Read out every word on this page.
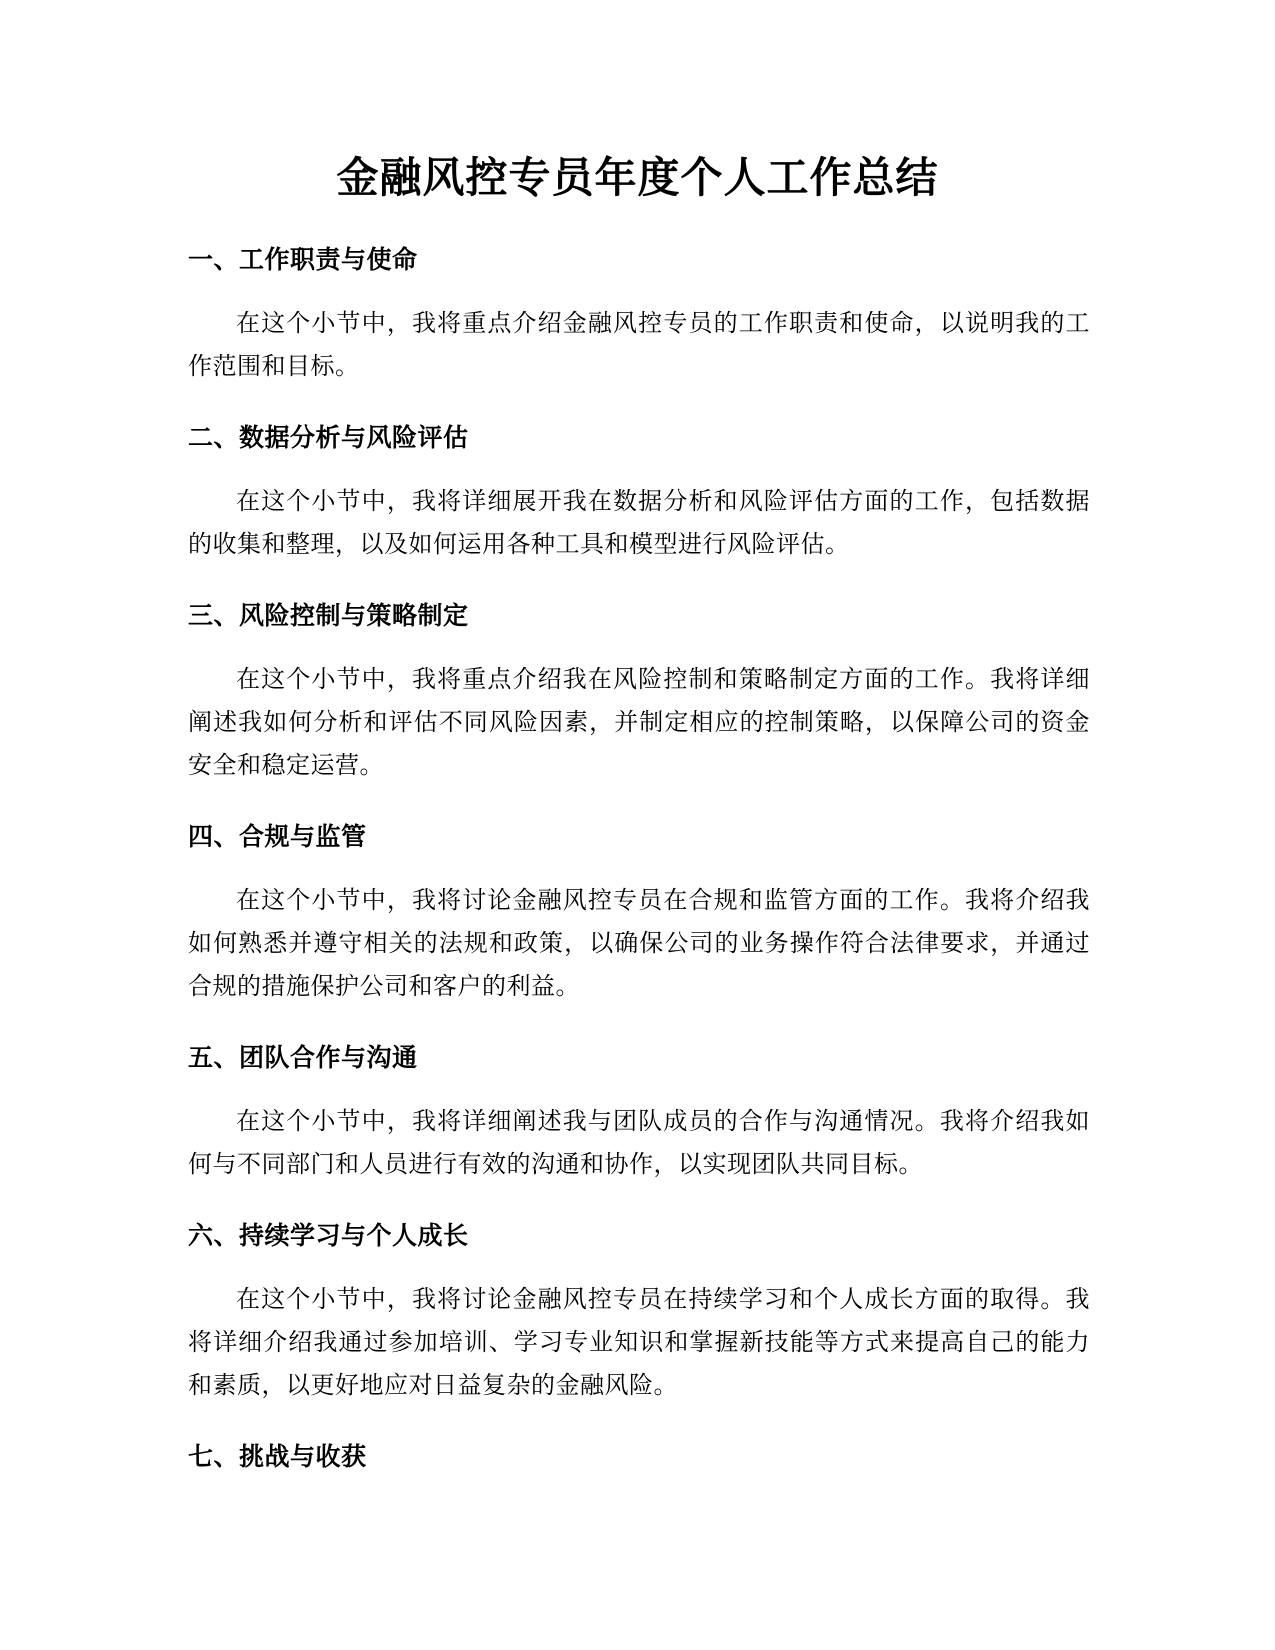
金融风控专员年度个人工作总结
一、工作职责与使命

在这个小节中，我将重点介绍金融风控专员的工作职责和使命，以说明我的工作范围和目标。

二、数据分析与风险评估

在这个小节中，我将详细展开我在数据分析和风险评估方面的工作，包括数据的收集和整理，以及如何运用各种工具和模型进行风险评估。

三、风险控制与策略制定

在这个小节中，我将重点介绍我在风险控制和策略制定方面的工作。我将详细阐述我如何分析和评估不同风险因素，并制定相应的控制策略，以保障公司的资金安全和稳定运营。

四、合规与监管

在这个小节中，我将讨论金融风控专员在合规和监管方面的工作。我将介绍我如何熟悉并遵守相关的法规和政策，以确保公司的业务操作符合法律要求，并通过合规的措施保护公司和客户的利益。

五、团队合作与沟通

在这个小节中，我将详细阐述我与团队成员的合作与沟通情况。我将介绍我如何与不同部门和人员进行有效的沟通和协作，以实现团队共同目标。

六、持续学习与个人成长

在这个小节中，我将讨论金融风控专员在持续学习和个人成长方面的取得。我将详细介绍我通过参加培训、学习专业知识和掌握新技能等方式来提高自己的能力和素质，以更好地应对日益复杂的金融风险。

七、挑战与收获
